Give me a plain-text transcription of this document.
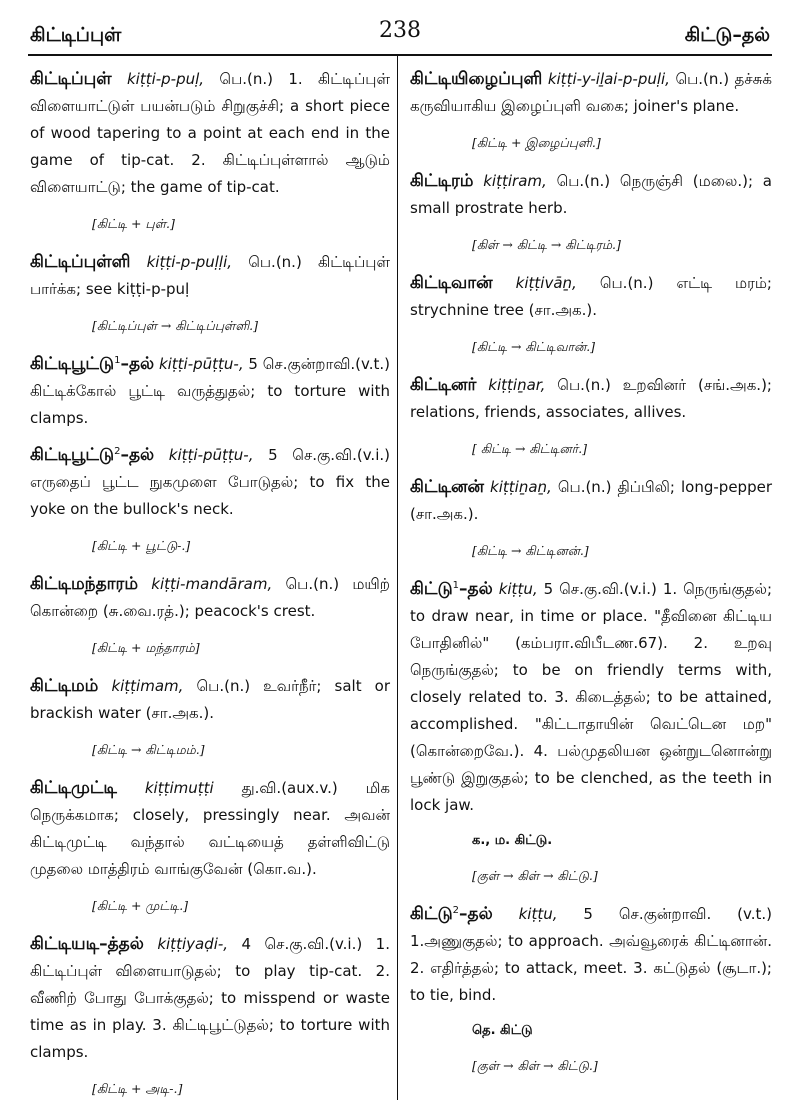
கிட்டிப்புள்	238	கிட்டு–தல்
கிட்டிப்புள் kiṭṭi-p-puḷ, பெ.(n.) 1. கிட்டிப்புள் விளையாட்டுள் பயன்படும் சிறுகுச்சி; a short piece of wood tapering to a point at each end in the game of tip-cat. 2. கிட்டிப்புள்ளால் ஆடும் விளையாட்டு; the game of tip-cat.
[கிட்டி + புள்.]
கிட்டிப்புள்ளி kiṭṭi-p-puḷḷi, பெ.(n.) கிட்டிப்புள் பார்க்க; see kiṭṭi-p-puḷ
[கிட்டிப்புள் → கிட்டிப்புள்ளி.]
கிட்டிபூட்டு$^1$–தல் kiṭṭi-pūṭṭu-, 5 செ.குன்றாவி.(v.t.) கிட்டிக்கோல் பூட்டி வருத்துதல்; to torture with clamps.
கிட்டிபூட்டு$^2$–தல் kiṭṭi-pūṭṭu-, 5 செ.கு.வி.(v.i.) எருதைப் பூட்ட நுகமுளை போடுதல்; to fix the yoke on the bullock's neck.
[கிட்டி + பூட்டு-.]
கிட்டிமந்தாரம் kiṭṭi-mandāram, பெ.(n.) மயிற் கொன்றை (சு.வை.ரத்.); peacock's crest.
[கிட்டி + மந்தாரம்]
கிட்டிமம் kiṭṭimam, பெ.(n.) உவர்நீர்; salt or brackish water (சா.அக.).
[கிட்டி → கிட்டிமம்.]
கிட்டிமுட்டி kiṭṭimuṭṭi து.வி.(aux.v.) மிக நெருக்கமாக; closely, pressingly near. அவன் கிட்டிமுட்டி வந்தால் வட்டியைத் தள்ளிவிட்டு முதலை மாத்திரம் வாங்குவேன் (கொ.வ.).
[கிட்டி + முட்டி.]
கிட்டியடி–த்தல் kiṭṭiyaḍi-, 4 செ.கு.வி.(v.i.) 1. கிட்டிப்புள் விளையாடுதல்; to play tip-cat. 2. வீணிற் போது போக்குதல்; to misspend or waste time as in play. 3. கிட்டிபூட்டுதல்; to torture with clamps.
[கிட்டி + அடி-.]
கிட்டியிழைப்புளி kiṭṭi-y-iḻai-p-puḷi, பெ.(n.) தச்சுக் கருவியாகிய இழைப்புளி வகை; joiner's plane.
[கிட்டி + இழைப்புளி.]
கிட்டிரம் kiṭṭiram, பெ.(n.) நெருஞ்சி (மலை.); a small prostrate herb.
[கிள் → கிட்டி → கிட்டிரம்.]
கிட்டிவான் kiṭṭivāṉ, பெ.(n.) எட்டி மரம்; strychnine tree (சா.அக.).
[கிட்டி → கிட்டிவான்.]
கிட்டினர் kiṭṭiṉar, பெ.(n.) உறவினர் (சங்.அக.); relations, friends, associates, allives.
[ கிட்டி → கிட்டினர்.]
கிட்டினன் kiṭṭiṉaṉ, பெ.(n.) திப்பிலி; long-pepper (சா.அக.).
[கிட்டி → கிட்டினன்.]
கிட்டு$^1$–தல் kiṭṭu, 5 செ.கு.வி.(v.i.) 1. நெருங்குதல்; to draw near, in time or place. "தீவினை கிட்டிய போதினில்" (கம்பரா.விபீடண.67). 2. உறவு நெருங்குதல்; to be on friendly terms with, closely related to. 3. கிடைத்தல்; to be attained, accomplished. "கிட்டாதாயின் வெட்டென மற" (கொன்றைவே.). 4. பல்முதலியன ஒன்றுடனொன்று பூண்டு இறுகுதல்; to be clenched, as the teeth in lock jaw.
க., ம. கிட்டு.
[குள் → கிள் → கிட்டு.]
கிட்டு$^2$–தல் kiṭṭu, 5 செ.குன்றாவி. (v.t.) 1.அணுகுதல்; to approach. அவ்வூரைக் கிட்டினான். 2. எதிர்த்தல்; to attack, meet. 3. கட்டுதல் (சூடா.); to tie, bind.
தெ. கிட்டு
[குள் → கிள் → கிட்டு.]
